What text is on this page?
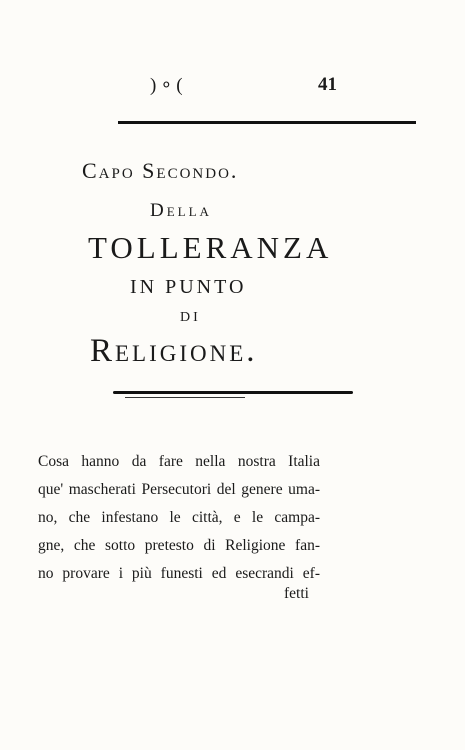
)∘(	41
Capo Secondo.
Della
TOLLERANZA
IN PUNTO
DI
Religione.
Cosa hanno da fare nella nostra Italia
que' mascherati Persecutori del genere uma-
no, che infestano le città, e le campa-
gne, che sotto pretesto di Religione fan-
no provare i più funesti ed esecrandi ef-
fetti
